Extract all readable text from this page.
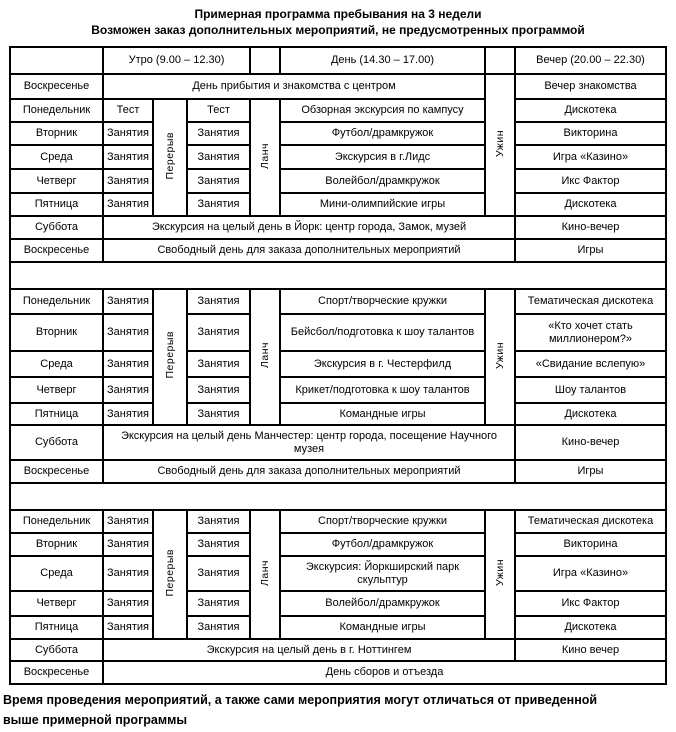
Примерная программа пребывания на 3 недели
Возможен заказ дополнительных мероприятий, не предусмотренных программой
	Утро (9.00 – 12.30)				День (14.30 – 17.00)		Вечер (20.00 – 22.30)
Воскресенье	День прибытия и знакомства с центром					Ужин	Вечер знакомства
Понедельник	Тест	Перерыв	Тест	Ланч	Обзорная экскурсия по кампусу		Дискотека
Вторник	Занятия		Занятия		Футбол/драмкружок		Викторина
Среда	Занятия		Занятия		Экскурсия в г.Лидс		Игра «Казино»
Четверг	Занятия		Занятия		Волейбол/драмкружок		Икс Фактор
Пятница	Занятия		Занятия		Мини-олимпийские игры		Дискотека
Суббота	Экскурсия на целый день в Йорк: центр города, Замок, музей						Кино-вечер
Воскресенье	Свободный день для заказа дополнительных мероприятий						Игры

Понедельник	Занятия	Перерыв	Занятия	Ланч	Спорт/творческие кружки	Ужин	Тематическая дискотека
Вторник	Занятия		Занятия		Бейсбол/подготовка к шоу талантов		«Кто хочет стать миллионером?»
Среда	Занятия		Занятия		Экскурсия в г. Честерфилд		«Свидание вслепую»
Четверг	Занятия		Занятия		Крикет/подготовка к шоу талантов		Шоу талантов
Пятница	Занятия		Занятия		Командные игры		Дискотека
Суббота	Экскурсия на целый день Манчестер: центр города, посещение Научного музея						Кино-вечер
Воскресенье	Свободный день для заказа дополнительных мероприятий						Игры

Понедельник	Занятия	Перерыв	Занятия	Ланч	Спорт/творческие кружки	Ужин	Тематическая дискотека
Вторник	Занятия		Занятия		Футбол/драмкружок		Викторина
Среда	Занятия		Занятия		Экскурсия: Йоркширский парк скульптур		Игра «Казино»
Четверг	Занятия		Занятия		Волейбол/драмкружок		Икс Фактор
Пятница	Занятия		Занятия		Командные игры		Дискотека
Суббота	Экскурсия на целый день в г. Ноттингем						Кино вечер
Воскресенье	День сборов и отъезда						
Время проведения мероприятий, а также сами мероприятия могут отличаться от приведенной
выше примерной программы
